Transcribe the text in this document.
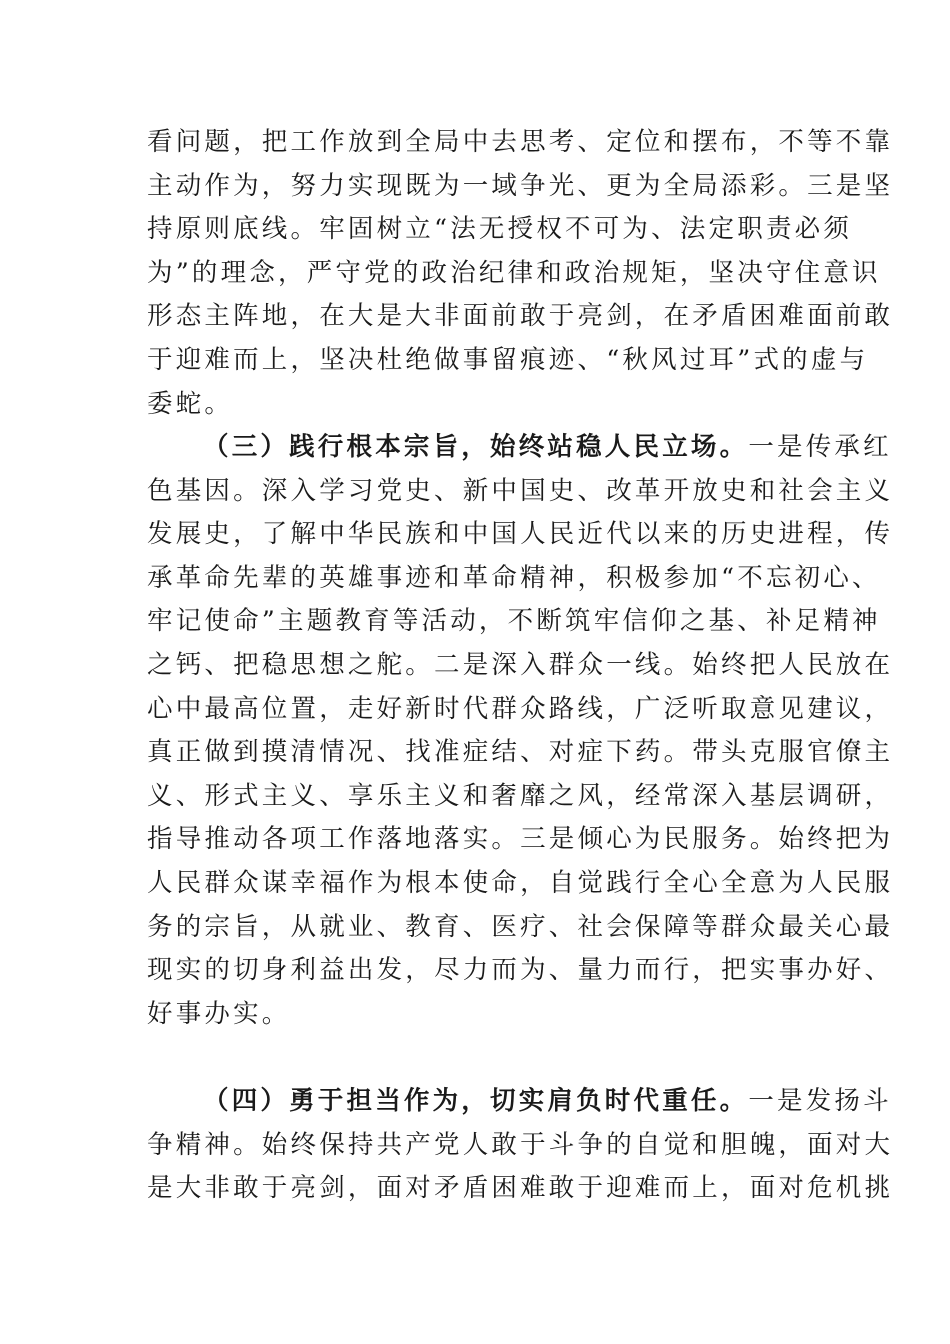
看问题，把工作放到全局中去思考、定位和摆布，不等不靠
主动作为，努力实现既为一域争光、更为全局添彩。三是坚
持原则底线。牢固树立“法无授权不可为、法定职责必须
为”的理念，严守党的政治纪律和政治规矩，坚决守住意识
形态主阵地，在大是大非面前敢于亮剑，在矛盾困难面前敢
于迎难而上，坚决杜绝做事留痕迹、“秋风过耳”式的虚与
委蛇。
（三）践行根本宗旨，始终站稳人民立场。一是传承红
色基因。深入学习党史、新中国史、改革开放史和社会主义
发展史，了解中华民族和中国人民近代以来的历史进程，传
承革命先辈的英雄事迹和革命精神，积极参加“不忘初心、
牢记使命”主题教育等活动，不断筑牢信仰之基、补足精神
之钙、把稳思想之舵。二是深入群众一线。始终把人民放在
心中最高位置，走好新时代群众路线，广泛听取意见建议，
真正做到摸清情况、找准症结、对症下药。带头克服官僚主
义、形式主义、享乐主义和奢靡之风，经常深入基层调研，
指导推动各项工作落地落实。三是倾心为民服务。始终把为
人民群众谋幸福作为根本使命，自觉践行全心全意为人民服
务的宗旨，从就业、教育、医疗、社会保障等群众最关心最
现实的切身利益出发，尽力而为、量力而行，把实事办好、
好事办实。
（四）勇于担当作为，切实肩负时代重任。一是发扬斗
争精神。始终保持共产党人敢于斗争的自觉和胆魄，面对大
是大非敢于亮剑，面对矛盾困难敢于迎难而上，面对危机挑
